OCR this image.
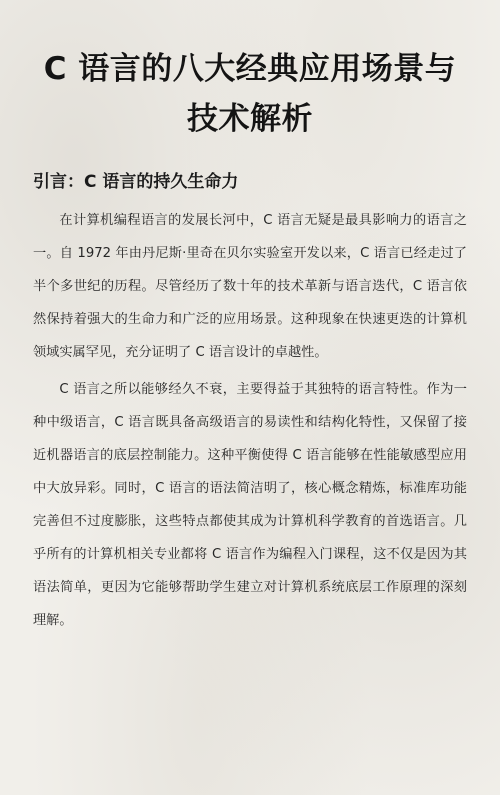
C 语言的八大经典应用场景与
技术解析
引言：C 语言的持久生命力

在计算机编程语言的发展长河中，C 语言无疑是最具影响力的语言之一。自 1972 年由丹尼斯·里奇在贝尔实验室开发以来，C 语言已经走过了半个多世纪的历程。尽管经历了数十年的技术革新与语言迭代，C 语言依然保持着强大的生命力和广泛的应用场景。这种现象在快速更迭的计算机领域实属罕见，充分证明了 C 语言设计的卓越性。

C 语言之所以能够经久不衰，主要得益于其独特的语言特性。作为一种中级语言，C 语言既具备高级语言的易读性和结构化特性，又保留了接近机器语言的底层控制能力。这种平衡使得 C 语言能够在性能敏感型应用中大放异彩。同时，C 语言的语法简洁明了，核心概念精炼，标准库功能完善但不过度膨胀，这些特点都使其成为计算机科学教育的首选语言。几乎所有的计算机相关专业都将 C 语言作为编程入门课程，这不仅是因为其语法简单，更因为它能够帮助学生建立对计算机系统底层工作原理的深刻理解。
